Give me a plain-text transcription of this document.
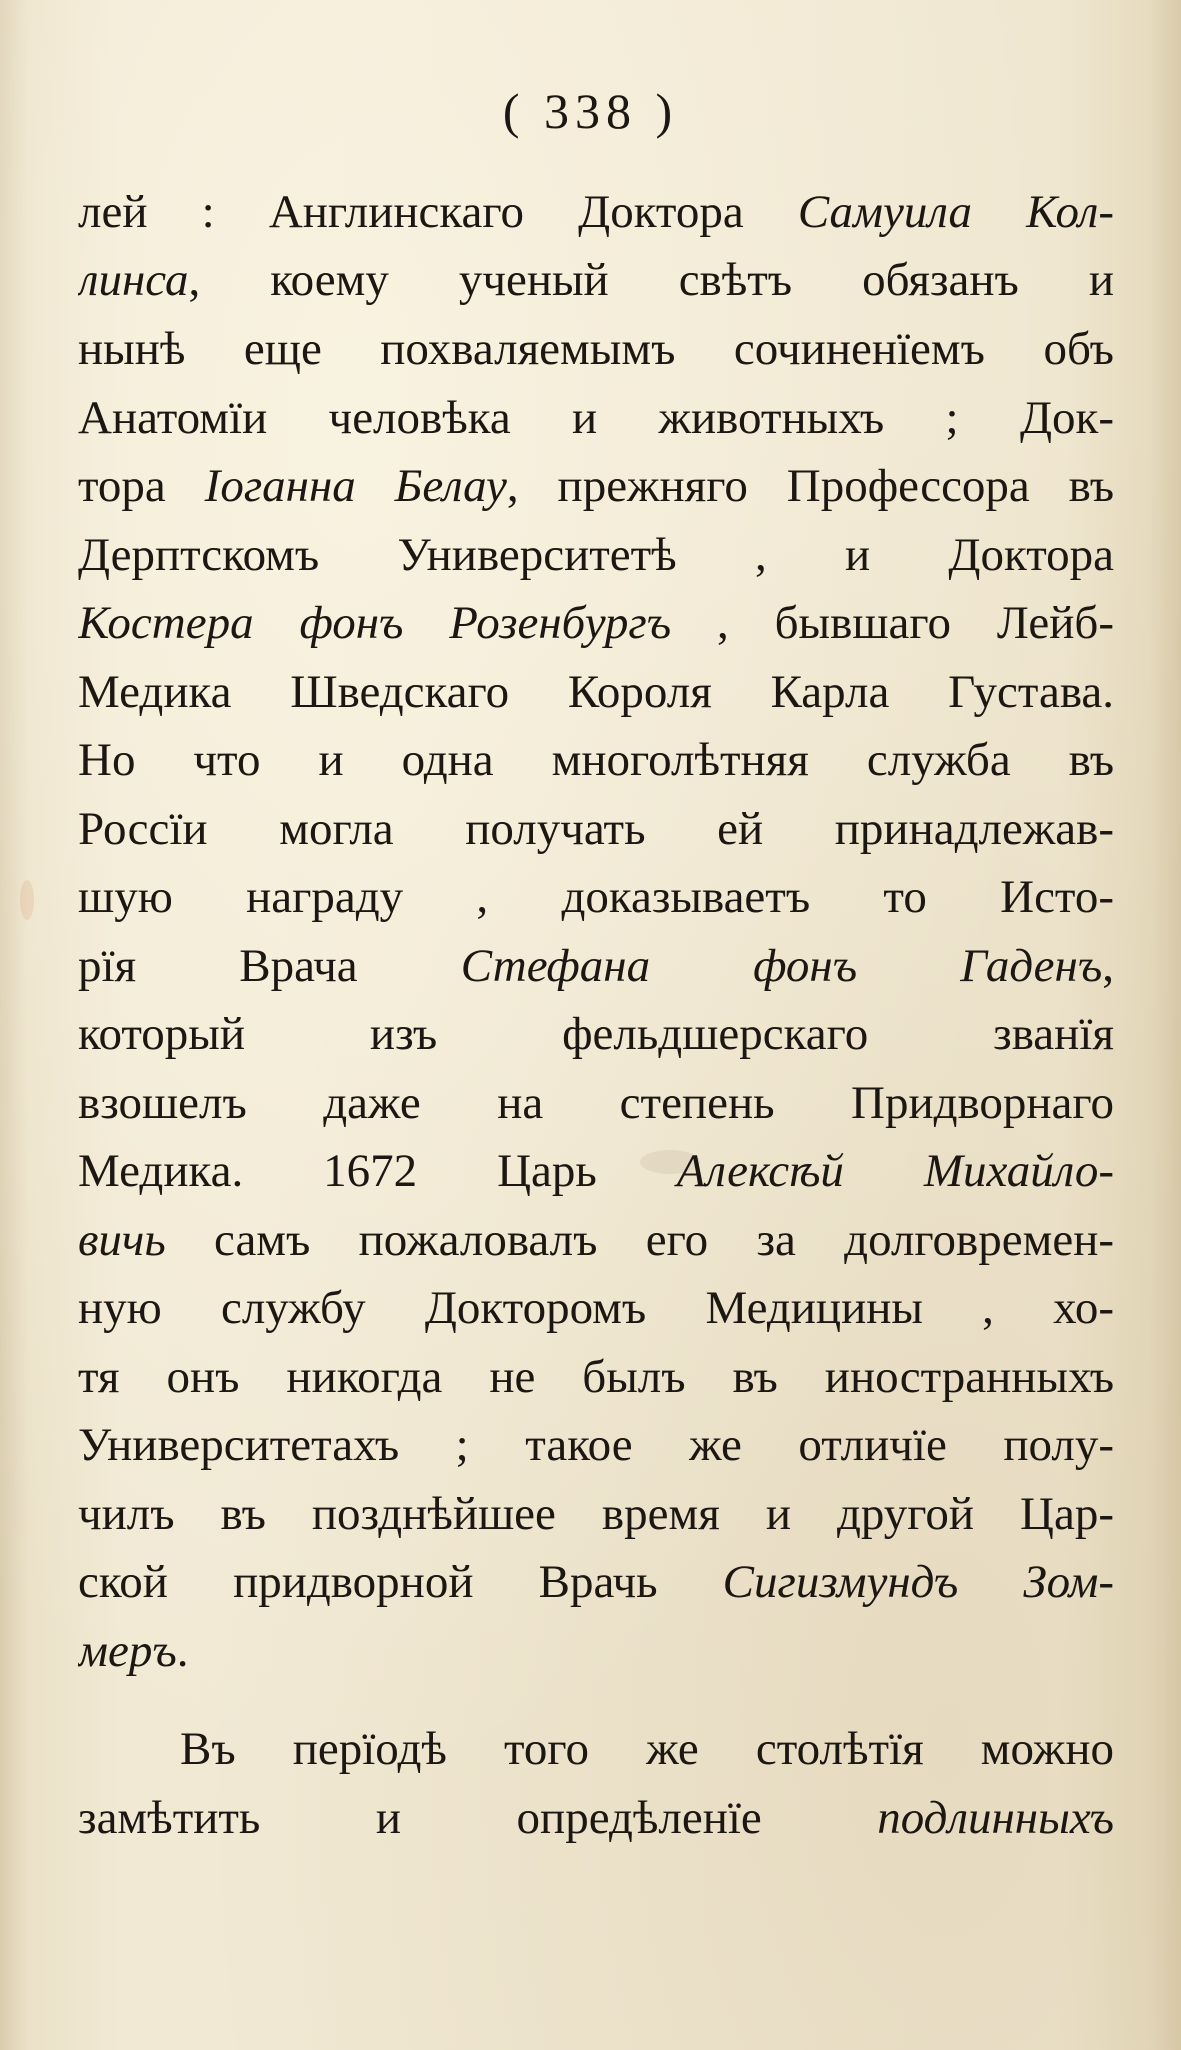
( 338 )
лей : Англинскаго Доктора Самуила Кол-
линса, коему ученый свѣтъ обязанъ и
нынѣ еще похваляемымъ сочиненїемъ объ
Анатомїи человѣка и животныхъ ; Док-
тора Іоганна Белау, прежняго Профессора въ
Дерптскомъ Университетѣ , и Доктора
Костера фонъ Розенбургъ , бывшаго Лейб-
Медика Шведскаго Короля Карла Густава.
Но что и одна многолѣтняя служба въ
Россїи могла получать ей принадлежав-
шую награду , доказываетъ то Исто-
рїя Врача Стефана фонъ Гаденъ,
который изъ фельдшерскаго званїя
взошелъ даже на степень Придворнаго
Медика. 1672 Царь Алексѣй Михайло-
вичь самъ пожаловалъ его за долговремен-
ную службу Докторомъ Медицины , хо-
тя онъ никогда не былъ въ иностранныхъ
Университетахъ ; такое же отличїе полу-
чилъ въ позднѣйшее время и другой Цар-
ской придворной Врачь Сигизмундъ Зом-
меръ.
Въ перїодѣ того же столѣтїя можно
замѣтить и опредѣленїе подлинныхъ
